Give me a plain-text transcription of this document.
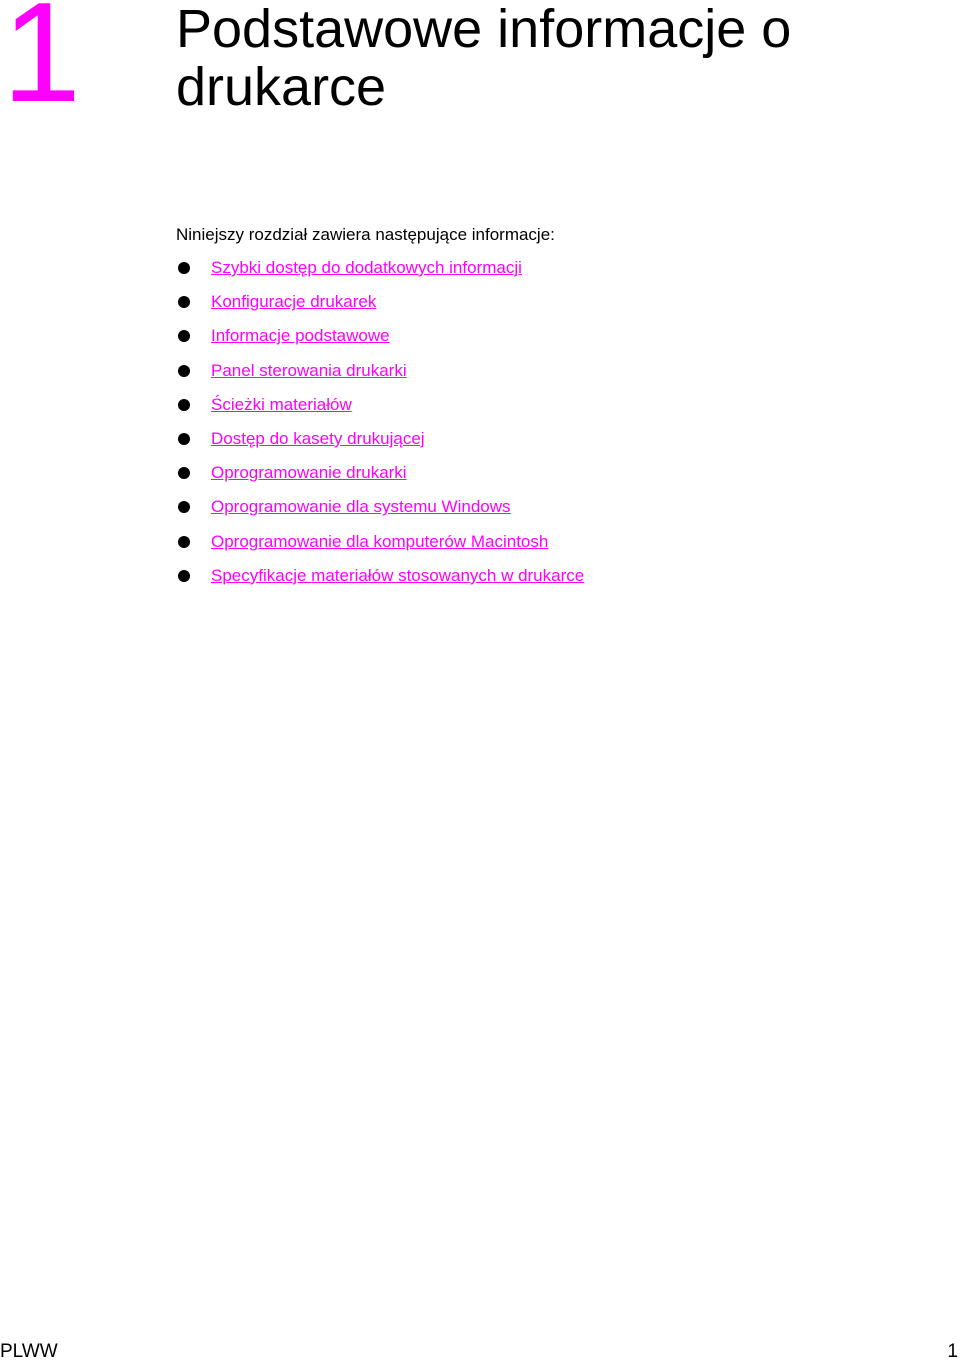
1 Podstawowe informacje o drukarce

Niniejszy rozdział zawiera następujące informacje:

Szybki dostęp do dodatkowych informacji
Konfiguracje drukarek
Informacje podstawowe
Panel sterowania drukarki
Ścieżki materiałów
Dostęp do kasety drukującej
Oprogramowanie drukarki
Oprogramowanie dla systemu Windows
Oprogramowanie dla komputerów Macintosh
Specyfikacje materiałów stosowanych w drukarce
PLWW	1
